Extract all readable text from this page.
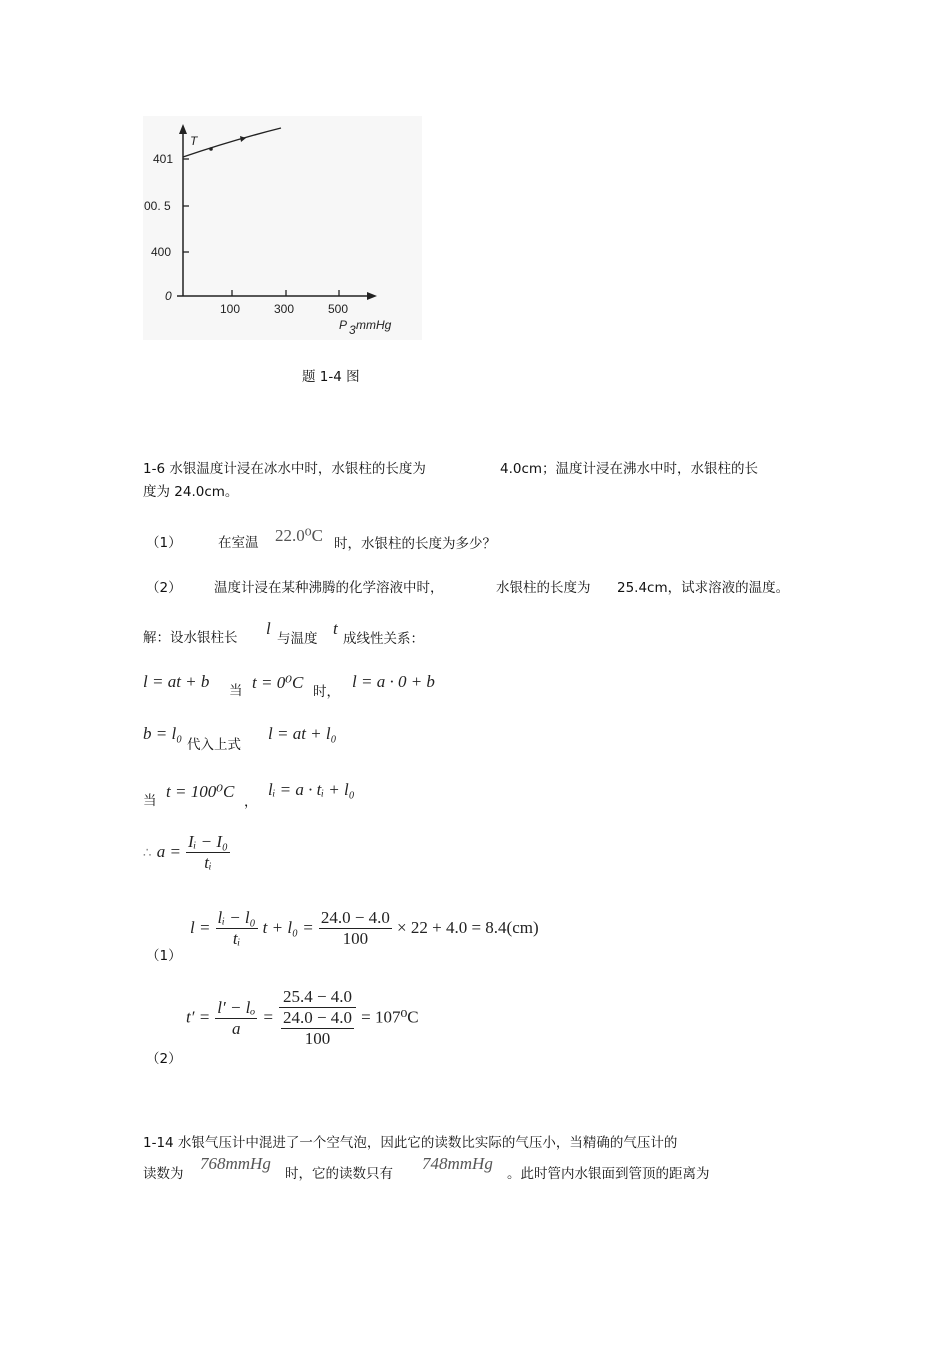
T
401
00. 5
400
0
100	300	500
P 3 mmHg
题 1-4 图
1-6 水银温度计浸在冰水中时，水银柱的长度为	4.0cm；温度计浸在沸水中时，水银柱的长
度为 24.0cm。
（1）	在室温 22.0⁰C 时，水银柱的长度为多少？
（2） 温度计浸在某种沸腾的化学溶液中时，	水银柱的长度为 25.4cm，试求溶液的温度。
解：设水银柱长 l
与温度
t
成线性关系：
l = at + b 当 t = 0⁰C 时，
l = a · 0 + b
b = l₀
代入上式
l = at + l₀
当 t = 100⁰C
，
lᵢ = a · tᵢ + l₀
∴ $a = \frac{\text{Iᵢ − I₀}}{\text{tᵢ}}$
（1）
$l = \frac{\text{lᵢ − l₀}}{\text{tᵢ}}$ $t + l_0 = \frac{24.0 - 4.0}{100} \times 22 + 4.0 = 8.4(cm)$
（2）
$t' = \frac{\text{l′ − lₒ}}{a} = \frac{25.4 - 4.0}{\frac{24.0 - 4.0}{100}} = 107^0C$
1-14 水银气压计中混进了一个空气泡，因此它的读数比实际的气压小，当精确的气压计的
读数为
768mmHg
时，它的读数只有
748mmHg
。此时管内水银面到管顶的距离为
